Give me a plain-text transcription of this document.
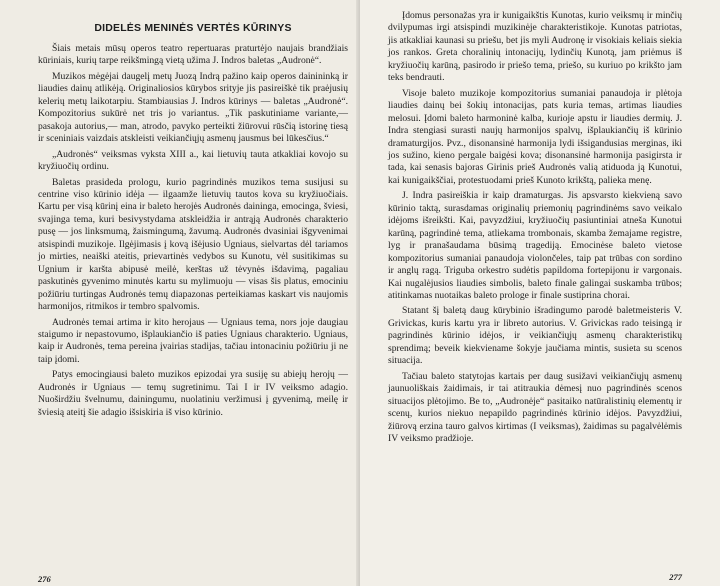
DIDELĖS MENINĖS VERTĖS KŪRINYS

Šiais metais mūsų operos teatro repertuaras praturtėjo naujais brandžiais kūriniais, kurių tarpe reikšmingą vietą užima J. Indros baletas „Audronė“.

Muzikos mėgėjai daugelį metų Juozą Indrą pažino kaip operos dainininką ir liaudies dainų atlikėją. Originaliosios kūrybos srityje jis pasireiškė tik praėjusių kelerių metų laikotarpiu. Stambiausias J. Indros kūrinys — baletas „Audronė“. Kompozitorius sukūrė net tris jo variantus. „Tik paskutiniame variante,— pasakoja autorius,— man, atrodo, pavyko perteikti žiūrovui rūsčią istorinę tiesą ir sceniniais vaizdais atskleisti veikiančiųjų asmenų jausmus bei lūkesčius.“

„Audronės“ veiksmas vyksta XIII a., kai lietuvių tauta atkakliai kovojo su kryžiuočių ordinu.

Baletas prasideda prologu, kurio pagrindinės muzikos tema susijusi su centrine viso kūrinio idėja — ilgaamže lietuvių tautos kova su kryžiuočiais. Kartu per visą kūrinį eina ir baleto herojės Audronės daininga, emocinga, šviesi, svajinga tema, kuri besivystydama atskleidžia ir antrąją Audronės charakterio pusę — jos linksmumą, žaismingumą, žavumą. Audronės dvasiniai išgyvenimai atsispindi muzikoje. Ilgėjimasis į kovą išėjusio Ugniaus, sielvartas dėl tariamos jo mirties, neaiški ateitis, prievartinės vedybos su Kunotu, vėl susitikimas su Ugnium ir karšta abipusė meilė, kerštas už tėvynės išdavimą, pagaliau paskutinės gyvenimo minutės kartu su mylimuoju — visas šis platus, emociniu požiūriu turtingas Audronės temų diapazonas perteikiamas kaskart vis naujomis harmonijos, ritmikos ir tembro spalvomis.

Audronės temai artima ir kito herojaus — Ugniaus tema, nors joje daugiau staigumo ir nepastovumo, išplaukiančio iš paties Ugniaus charakterio. Ugniaus, kaip ir Audronės, tema pereina įvairias stadijas, tačiau intonaciniu požiūriu ji ne taip įdomi.

Patys emocingiausi baleto muzikos epizodai yra susiję su abiejų herojų — Audronės ir Ugniaus — temų sugretinimu. Tai I ir IV veiksmo adagio. Nuoširdžiu švelnumu, dainingumu, nuolatiniu veržimusi į gyvenimą, meilę ir šviesią ateitį šie adagio išsiskiria iš viso kūrinio.

276

Įdomus personažas yra ir kunigaikštis Kunotas, kurio veiksmų ir minčių dvilypumas irgi atsispindi muzikinėje charakteristikoje. Kunotas patriotas, jis atkakliai kaunasi su priešu, bet jis myli Audronę ir visokiais keliais siekia jos rankos. Greta choralinių intonacijų, lydinčių Kunotą, jam priėmus iš kryžiuočių karūną, pasirodo ir priešo tema, priešo, su kuriuo po krikšto jam teks bendrauti.

Visoje baleto muzikoje kompozitorius sumaniai panaudoja ir plėtoja liaudies dainų bei šokių intonacijas, pats kuria temas, artimas liaudies melosui. Įdomi baleto harmoninė kalba, kurioje apstu ir liaudies dermių. J. Indra stengiasi surasti naujų harmonijos spalvų, išplaukiančių iš kūrinio dramaturgijos. Pvz., disonansinė harmonija lydi išsigandusias merginas, iki jos sužino, kieno pergale baigėsi kova; disonansinė harmonija pasigirsta ir tada, kai senasis bajoras Girinis prieš Audronės valią atiduoda ją Kunotui, kai kunigaikščiai, protestuodami prieš Kunoto krikštą, palieka menę.

J. Indra pasireiškia ir kaip dramaturgas. Jis apsvarsto kiekvieną savo kūrinio taktą, surasdamas originalių priemonių pagrindinėms savo veikalo idėjoms išreikšti. Kai, pavyzdžiui, kryžiuočių pasiuntiniai atneša Kunotui karūną, pagrindinė tema, atliekama trombonais, skamba žemajame registre, lyg ir pranašaudama būsimą tragediją. Emocinėse baleto vietose kompozitorius sumaniai panaudoja violončeles, taip pat trūbas con sordino ir anglų ragą. Triguba orkestro sudėtis papildoma fortepijonu ir vargonais. Kai nugalėjusios liaudies simbolis, baleto finale galingai suskamba trūbos; atitinkamas nuotaikas baleto prologe ir finale sustiprina chorai.

Statant šį baletą daug kūrybinio išradingumo parodė baletmeisteris V. Grivickas, kuris kartu yra ir libreto autorius. V. Grivickas rado teisingą ir pagrindinės kūrinio idėjos, ir veikiančiųjų asmenų charakteristikų sprendimą; beveik kiekviename šokyje jaučiama mintis, susieta su scenos situacija.

Tačiau baleto statytojas kartais per daug susižavi veikiančiųjų asmenų jaunuoliškais žaidimais, ir tai atitraukia dėmesį nuo pagrindinės scenos situacijos plėtojimo. Be to, „Audronėje“ pasitaiko natūralistinių elementų ir scenų, kurios niekuo nepapildo pagrindinės kūrinio idėjos. Pavyzdžiui, žiūrovą erzina tauro galvos kirtimas (I veiksmas), žaidimas su pagalvėlėmis IV veiksmo pradžioje.

277
